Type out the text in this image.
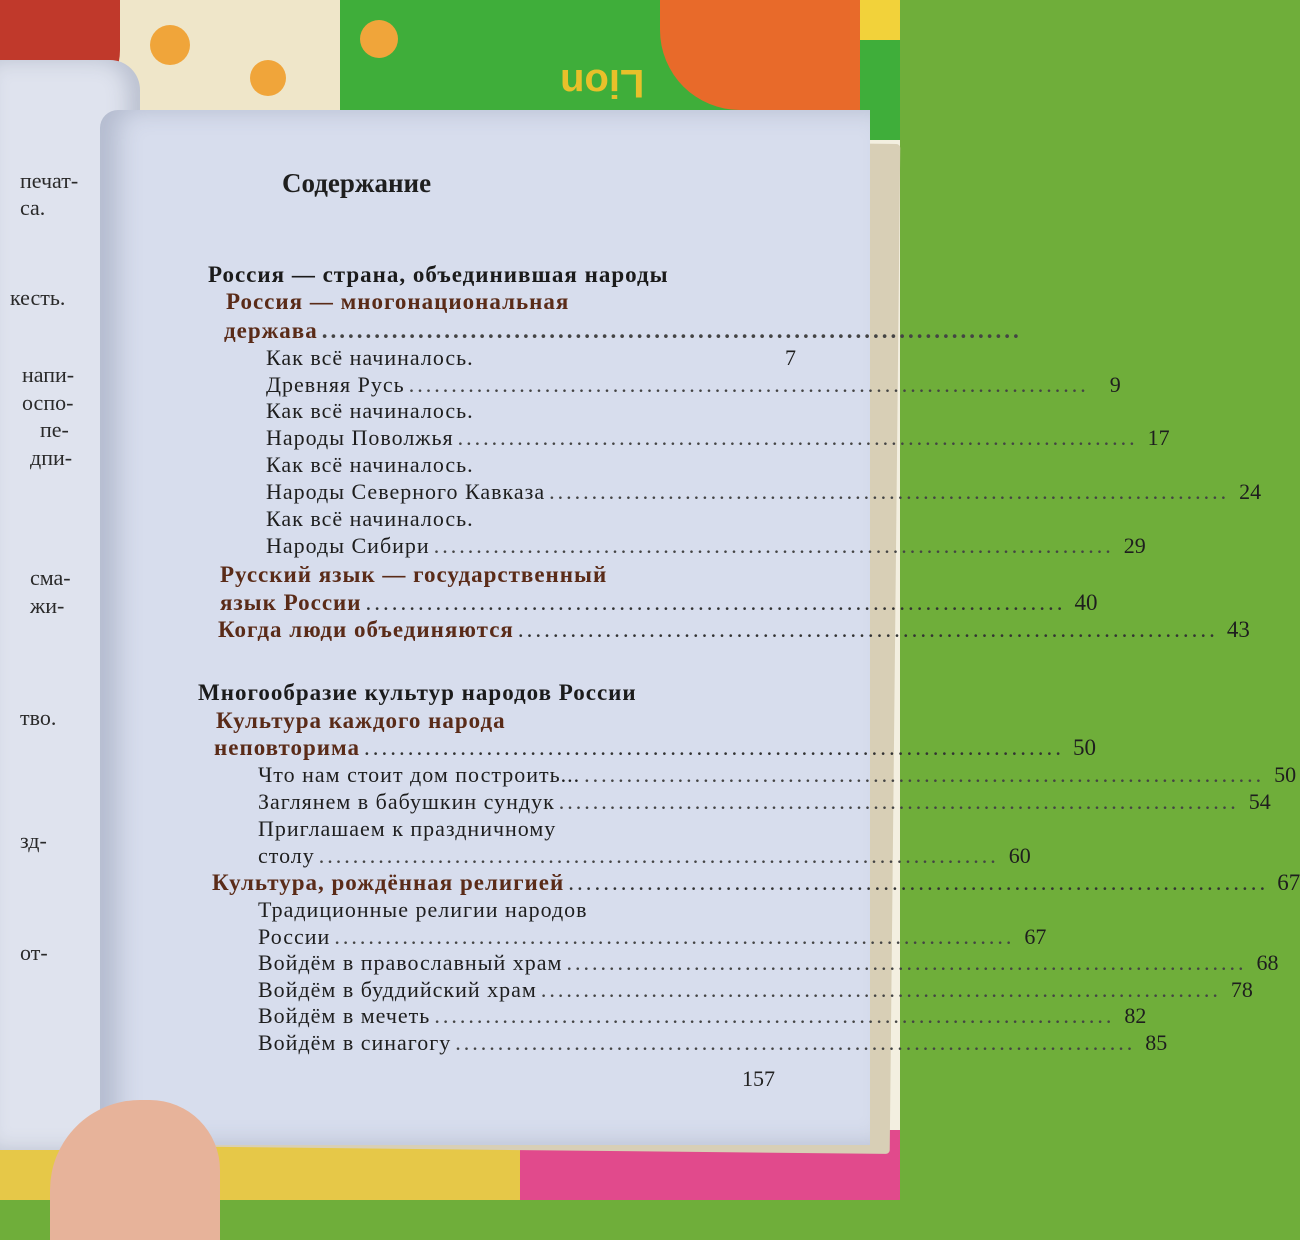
Lion
печат-
са.
кесть.
напи-
оспо-
пе-
дпи-
сма-
жи-
тво.
зд-
от-
Содержание
Россия — страна, объединившая народы
Россия — многонациональная
держава ................................................................................
Как всё начиналось.	7
Древняя Русь ................................................................................ 9
Как всё начиналось.
Народы Поволжья ................................................................................ 17
Как всё начиналось.
Народы Северного Кавказа ................................................................................ 24
Как всё начиналось.
Народы Сибири ................................................................................ 29
Русский язык — государственный
язык России ................................................................................ 40
Когда люди объединяются ................................................................................ 43
Многообразие культур народов России
Культура каждого народа
неповторима ................................................................................ 50
Что нам стоит дом построить... ................................................................................ 50
Заглянем в бабушкин сундук ................................................................................ 54
Приглашаем к праздничному
столу ................................................................................ 60
Культура, рождённая религией ................................................................................ 67
Традиционные религии народов
России ................................................................................ 67
Войдём в православный храм ................................................................................ 68
Войдём в буддийский храм ................................................................................ 78
Войдём в мечеть ................................................................................ 82
Войдём в синагогу ................................................................................ 85
157
